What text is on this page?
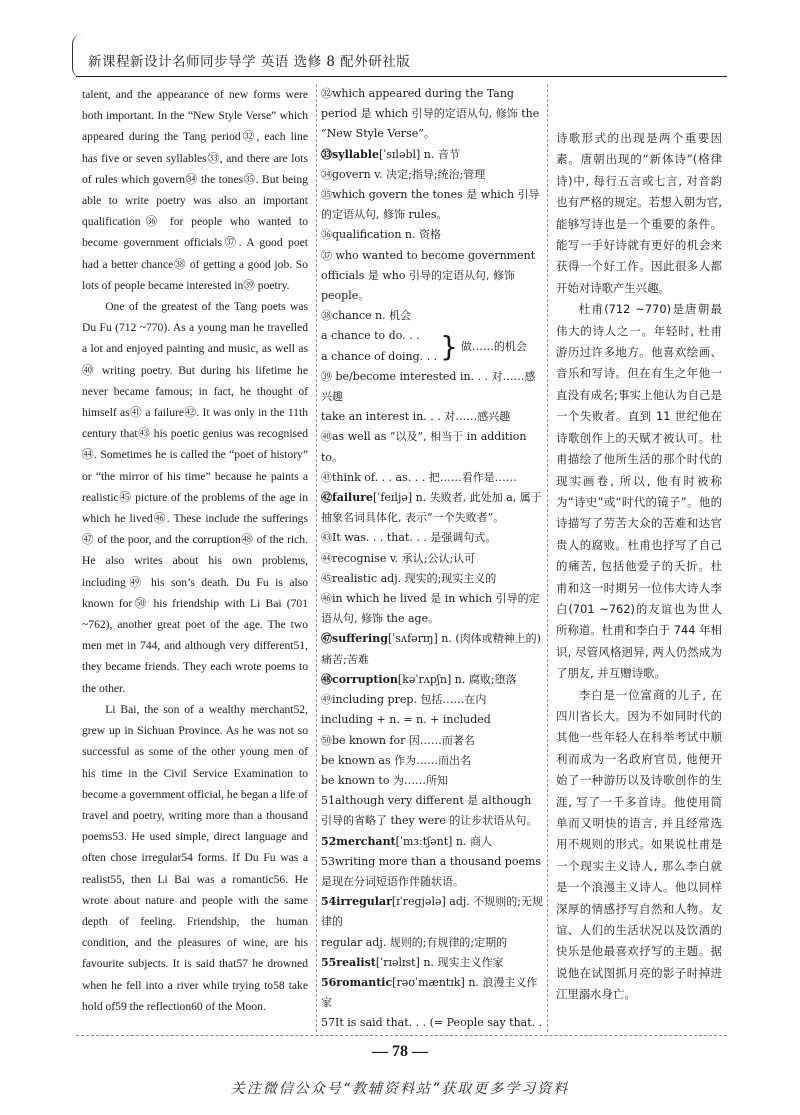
新课程新设计名师同步导学 英语 选修 8 配外研社版

talent, and the appearance of new forms were both important. In the “New Style Verse” which appeared during the Tang period㉜, each line has five or seven syllables㉝, and there are lots of rules which govern㉞ the tones㉟. But being able to write poetry was also an important qualification㊱ for people who wanted to become government officials㊲. A good poet had a better chance㊳ of getting a good job. So lots of people became interested in㊴ poetry.

One of the greatest of the Tang poets was Du Fu (712 ~770). As a young man he travelled a lot and enjoyed painting and music, as well as㊵ writing poetry. But during his lifetime he never became famous; in fact, he thought of himself as㊶ a failure㊷. It was only in the 11th century that㊸ his poetic genius was recognised㊹. Sometimes he is called the “poet of history” or “the mirror of his time” because he paints a realistic㊺ picture of the problems of the age in which he lived㊻. These include the sufferings㊼ of the poor, and the corruption㊽ of the rich. He also writes about his own problems, including㊾ his son’s death. Du Fu is also known for㊿ his friendship with Li Bai (701 ~762), another great poet of the age. The two men met in 744, and although very different51, they became friends. They each wrote poems to the other.

Li Bai, the son of a wealthy merchant52, grew up in Sichuan Province. As he was not so successful as some of the other young men of his time in the Civil Service Examination to become a government official, he began a life of travel and poetry, writing more than a thousand poems53. He used simple, direct language and often chose irregular54 forms. If Du Fu was a realist55, then Li Bai was a romantic56. He wrote about nature and people with the same depth of feeling. Friendship, the human condition, and the pleasures of wine, are his favourite subjects. It is said that57 he drowned when he fell into a river while trying to58 take hold of59 the reflection60 of the Moon.

㉜which appeared during the Tang period 是 which 引导的定语从句, 修饰 the “New Style Verse”。
㉝syllable[ˈsɪləbl] n. 音节
㉞govern v. 决定;指导;统治;管理
㉟which govern the tones 是 which 引导的定语从句, 修饰 rules。
㊱qualification n. 资格
㊲ who wanted to become government officials 是 who 引导的定语从句, 修饰 people。
㊳chance n. 机会
a chance to do. . .
a chance of doing. . . } 做……的机会
㊴ be/become interested in. . . 对……感兴趣
take an interest in. . . 对……感兴趣
㊵as well as “以及”, 相当于 in addition to。
㊶think of. . . as. . . 把……看作是……
㊷failure[ˈfeɪljə] n. 失败者, 此处加 a, 属于抽象名词具体化, 表示“一个失败者”。
㊸It was. . . that. . . 是强调句式。
㊹recognise v. 承认;公认;认可
㊺realistic adj. 现实的;现实主义的
㊻in which he lived 是 in which 引导的定语从句, 修饰 the age。
㊼suffering[ˈsʌfərɪŋ] n. (肉体或精神上的)痛苦;苦难
㊽corruption[kəˈrʌpʃn] n. 腐败;堕落
㊾including prep. 包括……在内
including + n. = n. + included
㊿be known for 因……而著名
be known as 作为……而出名
be known to 为……所知
51although very different 是 although 引导的省略了 they were 的让步状语从句。
52merchant[ˈmɜːtʃənt] n. 商人
53writing more than a thousand poems 是现在分词短语作伴随状语。
54irregular[ɪˈreɡjələ] adj. 不规则的;无规律的
regular adj. 规则的;有规律的;定期的
55realist[ˈrɪəlɪst] n. 现实主义作家
56romantic[rəʊˈmæntɪk] n. 浪漫主义作家
57It is said that. . . (= People say that. .

诗歌形式的出现是两个重要因素。唐朝出现的“新体诗”(格律诗)中, 每行五言或七言, 对音韵也有严格的规定。若想入朝为官, 能够写诗也是一个重要的条件。能写一手好诗就有更好的机会来获得一个好工作。因此很多人都开始对诗歌产生兴趣。

杜甫(712 ~770)是唐朝最伟大的诗人之一。年轻时, 杜甫游历过许多地方。他喜欢绘画、音乐和写诗。但在有生之年他一直没有成名;事实上他认为自己是一个失败者。直到 11 世纪他在诗歌创作上的天赋才被认可。杜甫描绘了他所生活的那个时代的现实画卷, 所以, 他有时被称为“诗史”或“时代的镜子”。他的诗描写了劳苦大众的苦难和达官贵人的腐败。杜甫也抒写了自己的痛苦, 包括他爱子的夭折。杜甫和这一时期另一位伟大诗人李白(701 ~762)的友谊也为世人所称道。杜甫和李白于 744 年相识, 尽管风格迥异, 两人仍然成为了朋友, 并互赠诗歌。

李白是一位富商的儿子, 在四川省长大。因为不如同时代的其他一些年轻人在科举考试中顺利而成为一名政府官员, 他便开始了一种游历以及诗歌创作的生涯, 写了一千多首诗。他使用简单而又明快的语言, 并且经常选用不规则的形式。如果说杜甫是一个现实主义诗人, 那么李白就是一个浪漫主义诗人。他以同样深厚的情感抒写自然和人物。友谊、人们的生活状况以及饮酒的快乐是他最喜欢抒写的主题。据说他在试图抓月亮的影子时掉进江里溺水身亡。

— 78 —
关注微信公众号“教辅资料站”获取更多学习资料
